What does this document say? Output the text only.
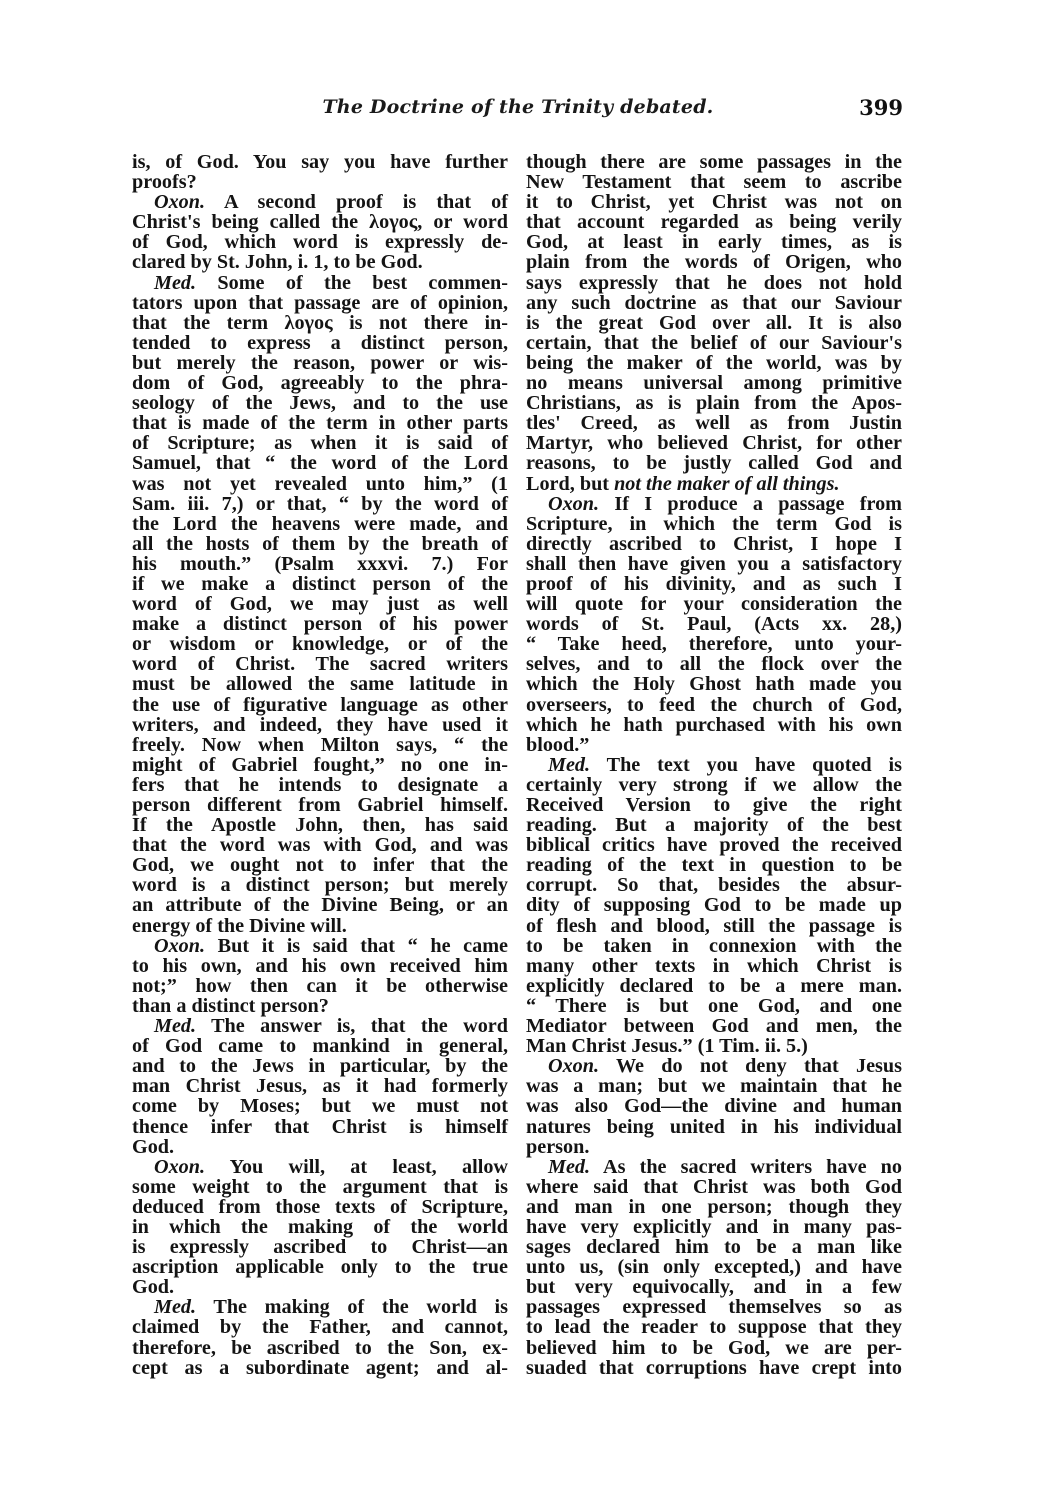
The Doctrine of the Trinity debated.	399
is, of God. You say you have further
proofs?
Oxon. A second proof is that of
Christ's being called the λογος, or word
of God, which word is expressly de-
clared by St. John, i. 1, to be God.
Med. Some of the best commen-
tators upon that passage are of opinion,
that the term λογος is not there in-
tended to express a distinct person,
but merely the reason, power or wis-
dom of God, agreeably to the phra-
seology of the Jews, and to the use
that is made of the term in other parts
of Scripture; as when it is said of
Samuel, that “ the word of the Lord
was not yet revealed unto him,” (1
Sam. iii. 7,) or that, “ by the word of
the Lord the heavens were made, and
all the hosts of them by the breath of
his mouth.” (Psalm xxxvi. 7.) For
if we make a distinct person of the
word of God, we may just as well
make a distinct person of his power
or wisdom or knowledge, or of the
word of Christ. The sacred writers
must be allowed the same latitude in
the use of figurative language as other
writers, and indeed, they have used it
freely. Now when Milton says, “ the
might of Gabriel fought,” no one in-
fers that he intends to designate a
person different from Gabriel himself.
If the Apostle John, then, has said
that the word was with God, and was
God, we ought not to infer that the
word is a distinct person; but merely
an attribute of the Divine Being, or an
energy of the Divine will.
Oxon. But it is said that “ he came
to his own, and his own received him
not;” how then can it be otherwise
than a distinct person?
Med. The answer is, that the word
of God came to mankind in general,
and to the Jews in particular, by the
man Christ Jesus, as it had formerly
come by Moses; but we must not
thence infer that Christ is himself
God.
Oxon. You will, at least, allow
some weight to the argument that is
deduced from those texts of Scripture,
in which the making of the world
is expressly ascribed to Christ—an
ascription applicable only to the true
God.
Med. The making of the world is
claimed by the Father, and cannot,
therefore, be ascribed to the Son, ex-
cept as a subordinate agent; and al-
though there are some passages in the
New Testament that seem to ascribe
it to Christ, yet Christ was not on
that account regarded as being verily
God, at least in early times, as is
plain from the words of Origen, who
says expressly that he does not hold
any such doctrine as that our Saviour
is the great God over all. It is also
certain, that the belief of our Saviour's
being the maker of the world, was by
no means universal among primitive
Christians, as is plain from the Apos-
tles' Creed, as well as from Justin
Martyr, who believed Christ, for other
reasons, to be justly called God and
Lord, but not the maker of all things.
Oxon. If I produce a passage from
Scripture, in which the term God is
directly ascribed to Christ, I hope I
shall then have given you a satisfactory
proof of his divinity, and as such I
will quote for your consideration the
words of St. Paul, (Acts xx. 28,)
“ Take heed, therefore, unto your-
selves, and to all the flock over the
which the Holy Ghost hath made you
overseers, to feed the church of God,
which he hath purchased with his own
blood.”
Med. The text you have quoted is
certainly very strong if we allow the
Received Version to give the right
reading. But a majority of the best
biblical critics have proved the received
reading of the text in question to be
corrupt. So that, besides the absur-
dity of supposing God to be made up
of flesh and blood, still the passage is
to be taken in connexion with the
many other texts in which Christ is
explicitly declared to be a mere man.
“ There is but one God, and one
Mediator between God and men, the
Man Christ Jesus.” (1 Tim. ii. 5.)
Oxon. We do not deny that Jesus
was a man; but we maintain that he
was also God—the divine and human
natures being united in his individual
person.
Med. As the sacred writers have no
where said that Christ was both God
and man in one person; though they
have very explicitly and in many pas-
sages declared him to be a man like
unto us, (sin only excepted,) and have
but very equivocally, and in a few
passages expressed themselves so as
to lead the reader to suppose that they
believed him to be God, we are per-
suaded that corruptions have crept into
